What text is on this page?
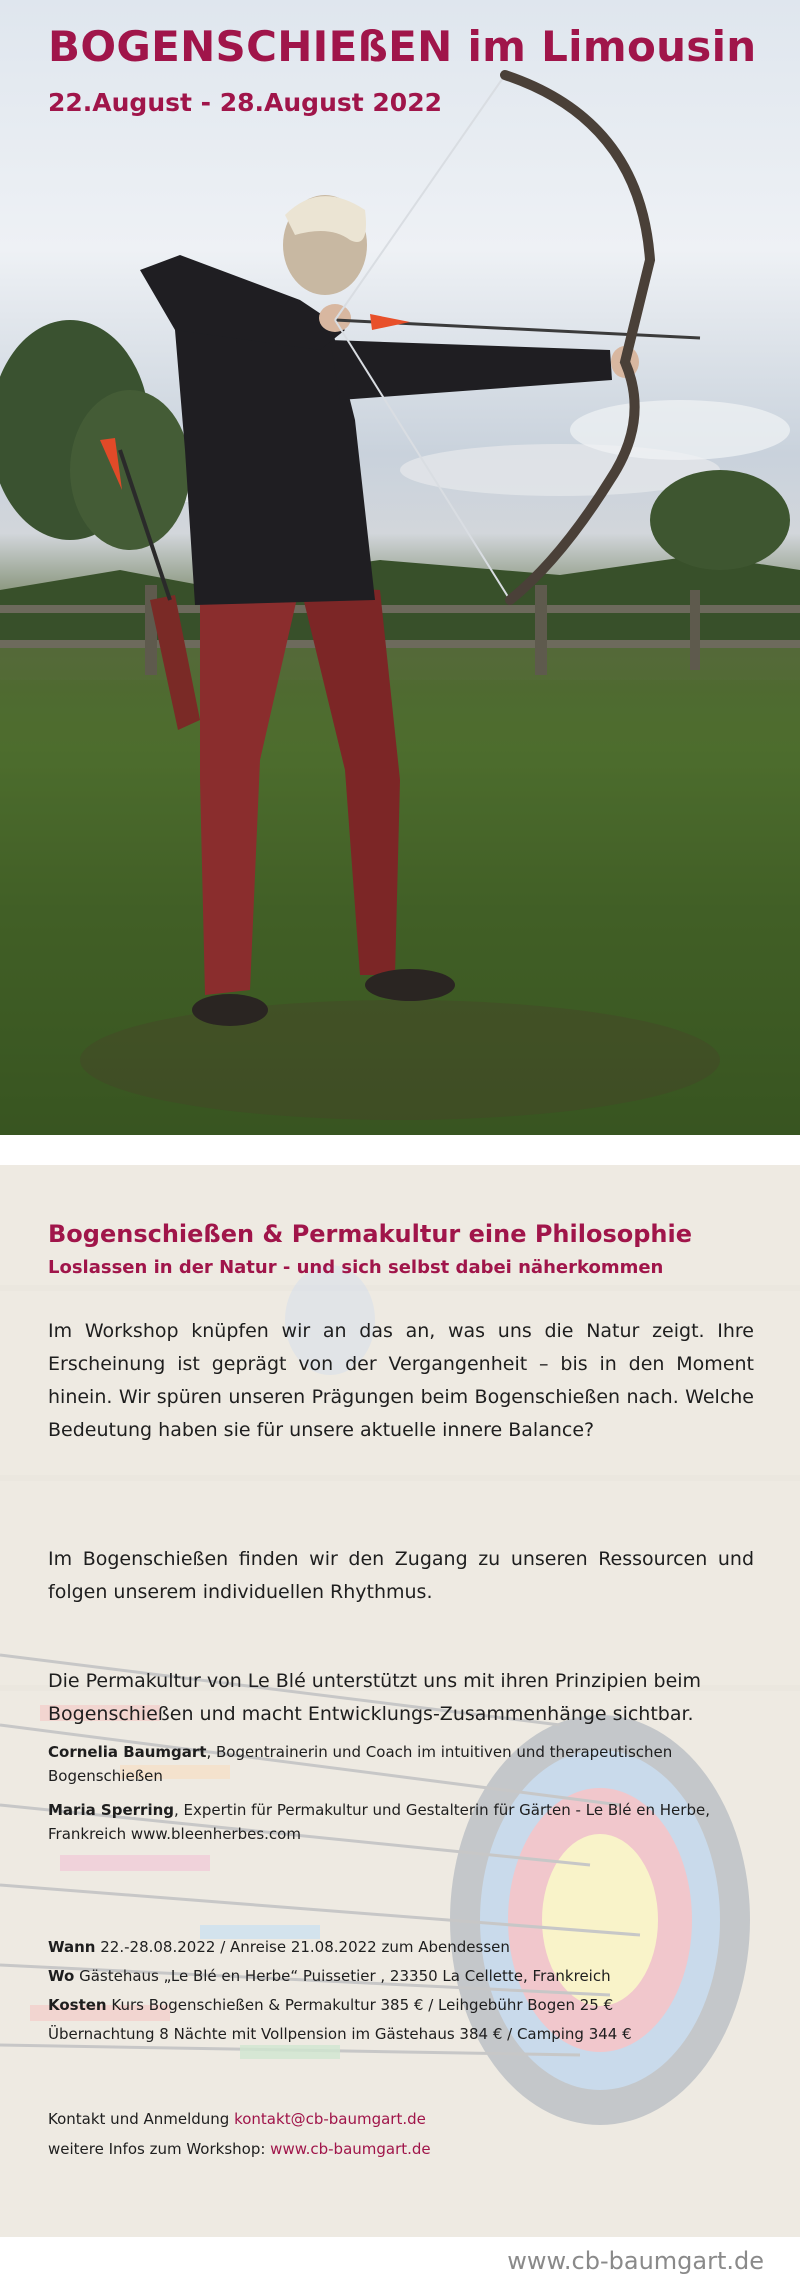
BOGENSCHIEßEN im Limousin
22.August - 28.August 2022
Bogenschießen & Permakultur eine Philosophie
Loslassen in der Natur - und sich selbst dabei näherkommen

Im Workshop knüpfen wir an das an, was uns die Natur zeigt. Ihre Erscheinung ist geprägt von der Vergangenheit – bis in den Moment hinein. Wir spüren unseren Prägungen beim Bogenschießen nach. Welche Bedeutung haben sie für unsere aktuelle innere Balance?

Im Bogenschießen finden wir den Zugang zu unseren Ressourcen und folgen unserem individuellen Rhythmus.

Die Permakultur von Le Blé unterstützt uns mit ihren Prinzipien beim Bogenschießen und macht Entwicklungs-Zusammenhänge sichtbar.

Cornelia Baumgart, Bogentrainerin und Coach im intuitiven und therapeutischen Bogenschießen

Maria Sperring, Expertin für Permakultur und Gestalterin für Gärten - Le Blé en Herbe, Frankreich www.bleenherbes.com

Wann 22.-28.08.2022 / Anreise 21.08.2022 zum Abendessen

Wo Gästehaus „Le Blé en Herbe“ Puissetier , 23350 La Cellette, Frankreich

Kosten Kurs Bogenschießen & Permakultur 385 € / Leihgebühr Bogen 25 €

Übernachtung 8 Nächte mit Vollpension im Gästehaus 384 € / Camping 344 €

Kontakt und Anmeldung kontakt@cb-baumgart.de

weitere Infos zum Workshop: www.cb-baumgart.de

www.cb-baumgart.de
